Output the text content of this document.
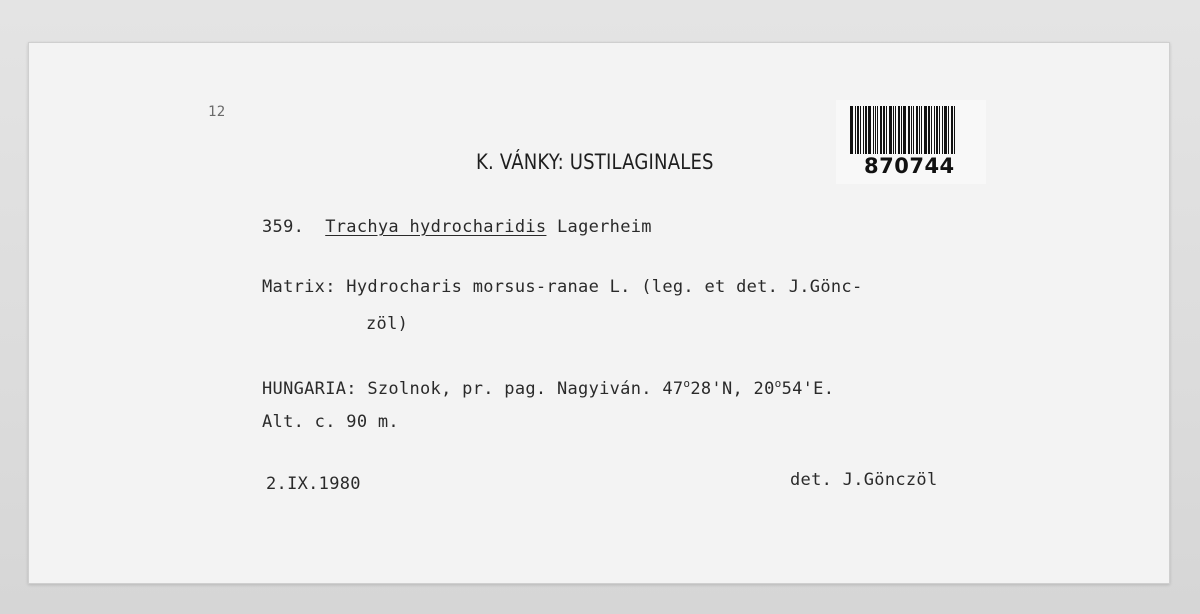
12
K. VÁNKY: USTILAGINALES	870744
359. Trachya hydrocharidis Lagerheim
Matrix: Hydrocharis morsus-ranae L. (leg. et det. J.Gönc-
zöl)
HUNGARIA: Szolnok, pr. pag. Nagyiván. 47$^o$28'N, 20$^o$54'E.
Alt. c. 90 m.
2.IX.1980	det. J.Gönczöl
